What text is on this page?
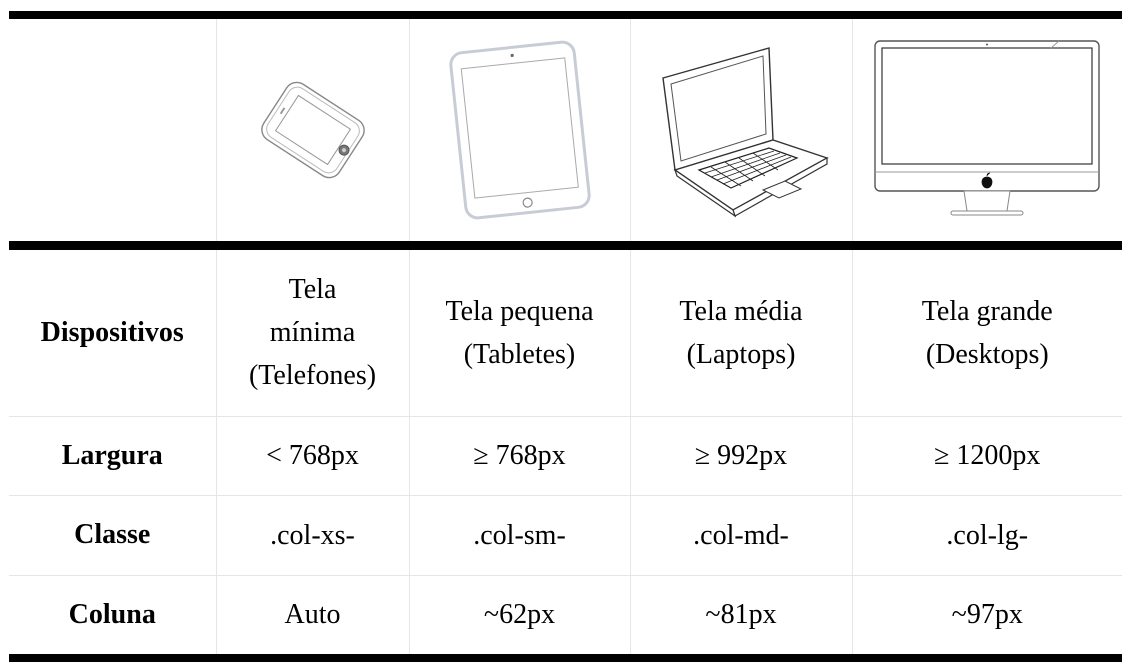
Dispositivos	Tela
mínima
(Telefones)	Tela pequena
(Tabletes)	Tela média
(Laptops)	Tela grande
(Desktops)
Largura	< 768px	≥ 768px	≥ 992px	≥ 1200px
Classe	.col-xs-	.col-sm-	.col-md-	.col-lg-
Coluna	Auto	~62px	~81px	~97px
